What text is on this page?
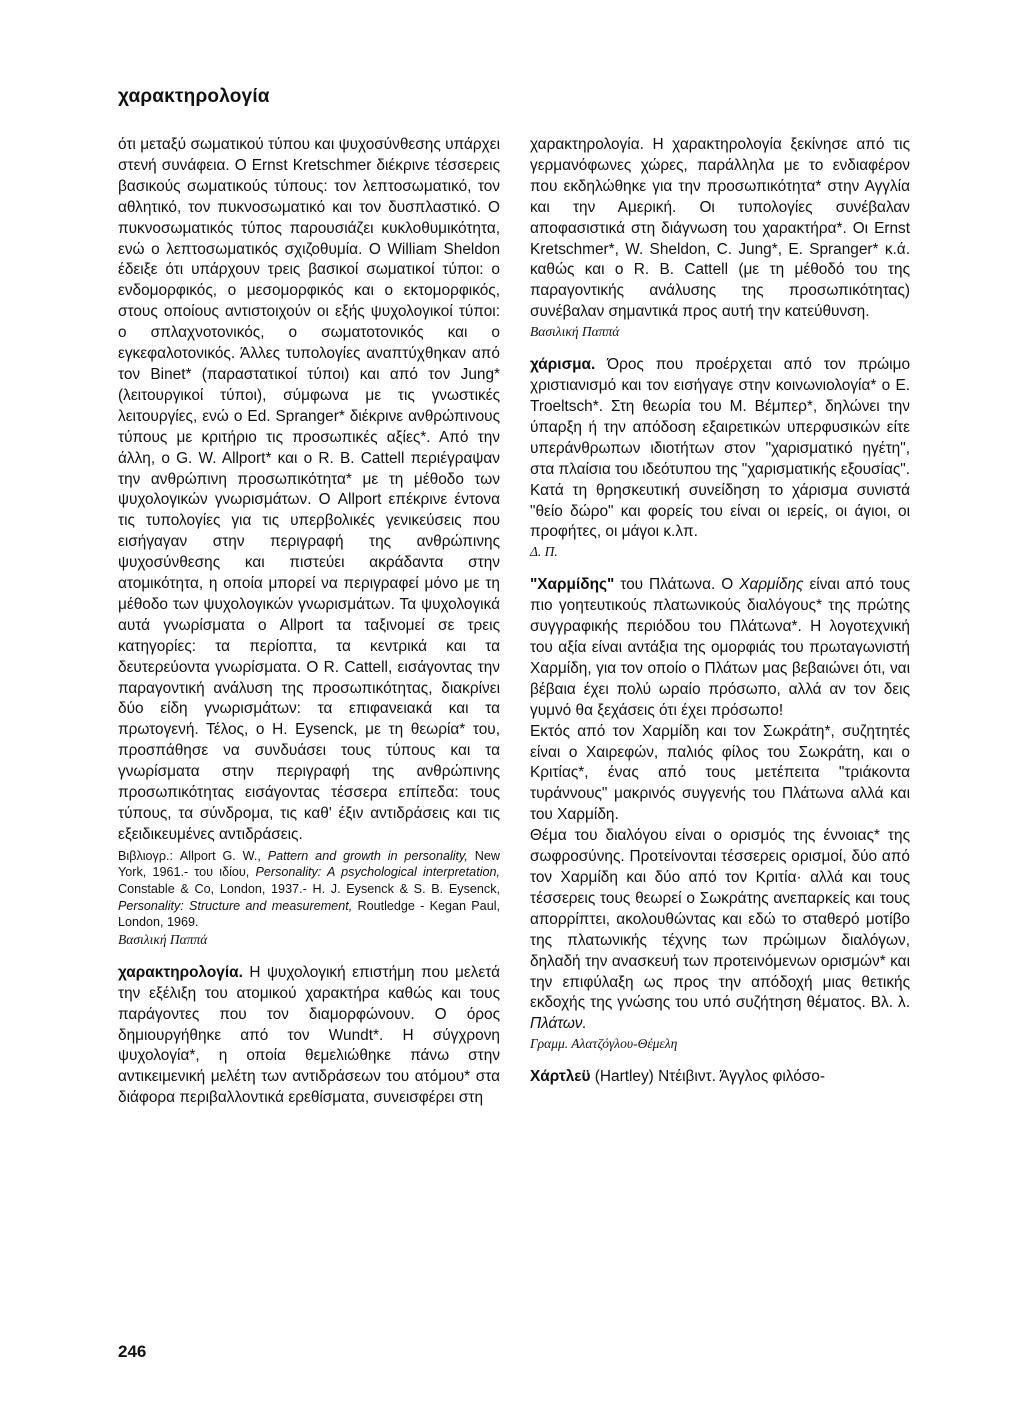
χαρακτηρολογία

ότι μεταξύ σωματικού τύπου και ψυχοσύνθεσης υπάρχει στενή συνάφεια. Ο Ernst Kretschmer διέκρινε τέσσερεις βασικούς σωματικούς τύπους: τον λεπτοσωματικό, τον αθλητικό, τον πυκνοσωματικό και τον δυσπλαστικό. Ο πυκνοσωματικός τύπος παρουσιάζει κυκλοθυμικότητα, ενώ ο λεπτοσωματικός σχιζοθυμία. Ο William Sheldon έδειξε ότι υπάρχουν τρεις βασικοί σωματικοί τύποι: ο ενδομορφικός, ο μεσομορφικός και ο εκτομορφικός, στους οποίους αντιστοιχούν οι εξής ψυχολογικοί τύποι: ο σπλαχνοτονικός, ο σωματοτονικός και ο εγκεφαλοτονικός. Άλλες τυπολογίες αναπτύχθηκαν από τον Binet* (παραστατικοί τύποι) και από τον Jung* (λειτουργικοί τύποι), σύμφωνα με τις γνωστικές λειτουργίες, ενώ ο Ed. Spranger* διέκρινε ανθρώπινους τύπους με κριτήριο τις προσωπικές αξίες*. Από την άλλη, ο G. W. Allport* και ο R. B. Cattell περιέγραψαν την ανθρώπινη προσωπικότητα* με τη μέθοδο των ψυχολογικών γνωρισμάτων. Ο Allport επέκρινε έντονα τις τυπολογίες για τις υπερβολικές γενικεύσεις που εισήγαγαν στην περιγραφή της ανθρώπινης ψυχοσύνθεσης και πιστεύει ακράδαντα στην ατομικότητα, η οποία μπορεί να περιγραφεί μόνο με τη μέθοδο των ψυχολογικών γνωρισμάτων. Τα ψυχολογικά αυτά γνωρίσματα ο Allport τα ταξινομεί σε τρεις κατηγορίες: τα περίοπτα, τα κεντρικά και τα δευτερεύοντα γνωρίσματα. Ο R. Cattell, εισάγοντας την παραγοντική ανάλυση της προσωπικότητας, διακρίνει δύο είδη γνωρισμάτων: τα επιφανειακά και τα πρωτογενή. Τέλος, ο H. Eysenck, με τη θεωρία* του, προσπάθησε να συνδυάσει τους τύπους και τα γνωρίσματα στην περιγραφή της ανθρώπινης προσωπικότητας εισάγοντας τέσσερα επίπεδα: τους τύπους, τα σύνδρομα, τις καθ' έξιν αντιδράσεις και τις εξειδικευμένες αντιδράσεις.

Βιβλιογρ.: Allport G. W., Pattern and growth in personality, New York, 1961.- του ιδίου, Personality: A psychological interpretation, Constable & Co, London, 1937.- H. J. Eysenck & S. B. Eysenck, Personality: Structure and measurement, Routledge - Kegan Paul, London, 1969.

Βασιλική Παππά

χαρακτηρολογία. Η ψυχολογική επιστήμη που μελετά την εξέλιξη του ατομικού χαρακτήρα καθώς και τους παράγοντες που τον διαμορφώνουν. Ο όρος δημιουργήθηκε από τον Wundt*. Η σύγχρονη ψυχολογία*, η οποία θεμελιώθηκε πάνω στην αντικειμενική μελέτη των αντιδράσεων του ατόμου* στα διάφορα περιβαλλοντικά ερεθίσματα, συνεισφέρει στη

χαρακτηρολογία. Η χαρακτηρολογία ξεκίνησε από τις γερμανόφωνες χώρες, παράλληλα με το ενδιαφέρον που εκδηλώθηκε για την προσωπικότητα* στην Αγγλία και την Αμερική. Οι τυπολογίες συνέβαλαν αποφασιστικά στη διάγνωση του χαρακτήρα*. Οι Ernst Kretschmer*, W. Sheldon, C. Jung*, E. Spranger* κ.ά. καθώς και ο R. B. Cattell (με τη μέθοδό του της παραγοντικής ανάλυσης της προσωπικότητας) συνέβαλαν σημαντικά προς αυτή την κατεύθυνση.

Βασιλική Παππά

χάρισμα. Όρος που προέρχεται από τον πρώιμο χριστιανισμό και τον εισήγαγε στην κοινωνιολογία* ο E. Troeltsch*. Στη θεωρία του M. Βέμπερ*, δηλώνει την ύπαρξη ή την απόδοση εξαιρετικών υπερφυσικών είτε υπεράνθρωπων ιδιοτήτων στον "χαρισματικό ηγέτη", στα πλαίσια του ιδεότυπου της "χαρισματικής εξουσίας". Κατά τη θρησκευτική συνείδηση το χάρισμα συνιστά "θείο δώρο" και φορείς του είναι οι ιερείς, οι άγιοι, οι προφήτες, οι μάγοι κ.λπ.

Δ. Π.

"Χαρμίδης" του Πλάτωνα. Ο Χαρμίδης είναι από τους πιο γοητευτικούς πλατωνικούς διαλόγους* της πρώτης συγγραφικής περιόδου του Πλάτωνα*. Η λογοτεχνική του αξία είναι αντάξια της ομορφιάς του πρωταγωνιστή Χαρμίδη, για τον οποίο ο Πλάτων μας βεβαιώνει ότι, ναι βέβαια έχει πολύ ωραίο πρόσωπο, αλλά αν τον δεις γυμνό θα ξεχάσεις ότι έχει πρόσωπο!

Εκτός από τον Χαρμίδη και τον Σωκράτη*, συζητητές είναι ο Χαιρεφών, παλιός φίλος του Σωκράτη, και ο Κριτίας*, ένας από τους μετέπειτα "τριάκοντα τυράννους" μακρινός συγγενής του Πλάτωνα αλλά και του Χαρμίδη.

Θέμα του διαλόγου είναι ο ορισμός της έννοιας* της σωφροσύνης. Προτείνονται τέσσερεις ορισμοί, δύο από τον Χαρμίδη και δύο από τον Κριτία· αλλά και τους τέσσερεις τους θεωρεί ο Σωκράτης ανεπαρκείς και τους απορρίπτει, ακολουθώντας και εδώ το σταθερό μοτίβο της πλατωνικής τέχνης των πρώιμων διαλόγων, δηλαδή την ανασκευή των προτεινόμενων ορισμών* και την επιφύλαξη ως προς την απόδοχή μιας θετικής εκδοχής της γνώσης του υπό συζήτηση θέματος. Βλ. λ. Πλάτων.

Γραμμ. Αλατζόγλου-Θέμελη

Χάρτλεϋ (Hartley) Ντέιβιντ. Άγγλος φιλόσο-

246
